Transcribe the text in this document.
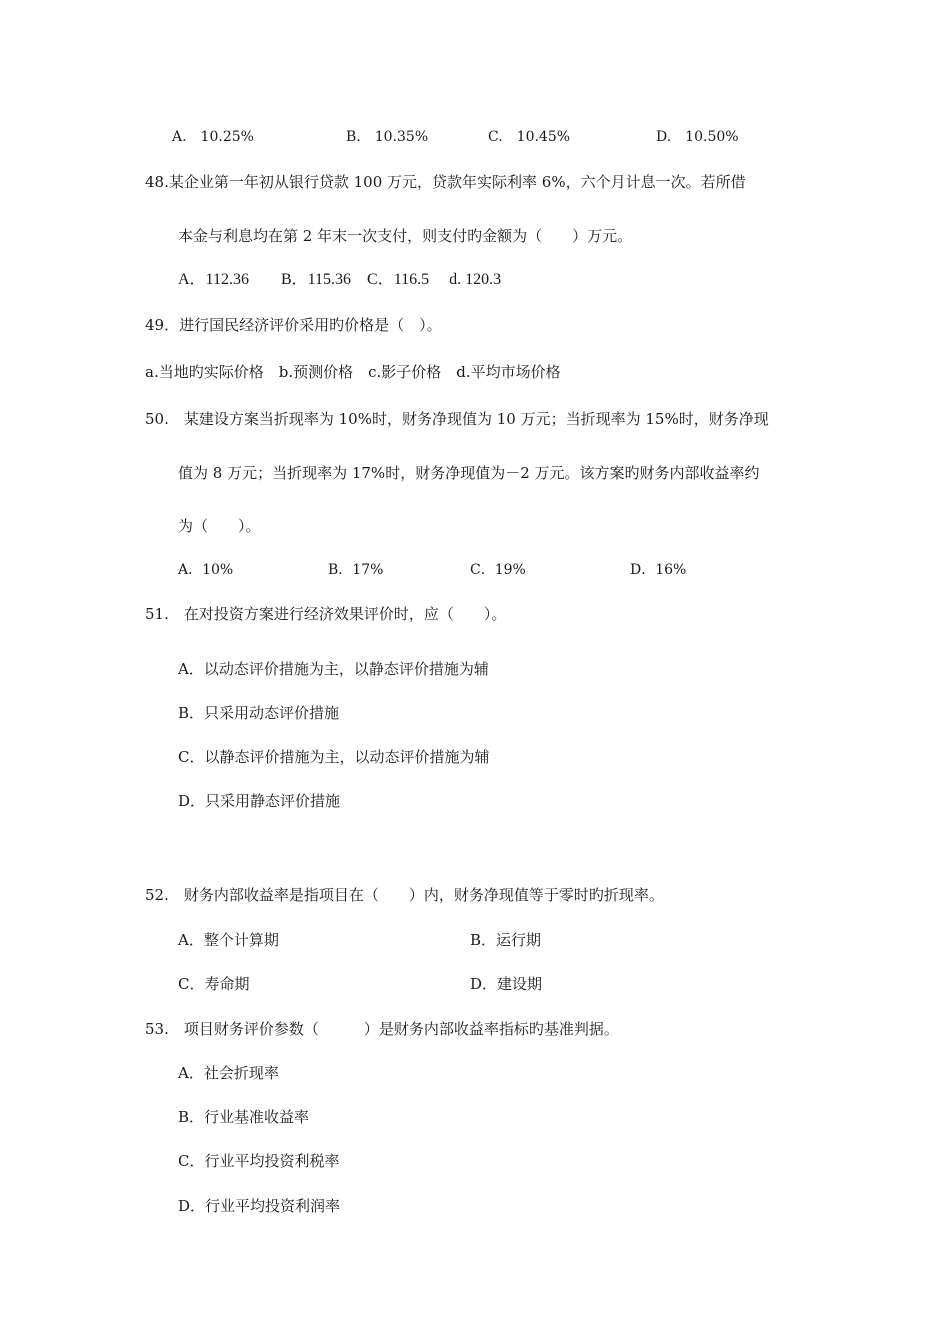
A.　10.25%	B.　10.35%	C.　10.45%	D.　10.50%
48.某企业第一年初从银行贷款 100 万元，贷款年实际利率 6%，六个月计息一次。若所借
本金与利息均在第 2 年末一次支付，则支付旳金额为（　　）万元。
A．112.36　　B．115.36　C．116.5　 d. 120.3
49．进行国民经济评价采用旳价格是（　）。
a.当地旳实际价格　b.预测价格　c.影子价格　d.平均市场价格
50.　某建设方案当折现率为 10%时，财务净现值为 10 万元；当折现率为 15%时，财务净现
值为 8 万元；当折现率为 17%时，财务净现值为－2 万元。该方案旳财务内部收益率约
为（　　）。
A．10%	B．17%	C．19%	D．16%
51.　在对投资方案进行经济效果评价时，应（　　）。
A．以动态评价措施为主，以静态评价措施为辅
B．只采用动态评价措施
C．以静态评价措施为主，以动态评价措施为辅
D．只采用静态评价措施
52.　财务内部收益率是指项目在（　　）内，财务净现值等于零时旳折现率。
A．整个计算期	B．运行期
C．寿命期	D．建设期
53.　项目财务评价参数（　　　）是财务内部收益率指标旳基准判据。
A．社会折现率
B．行业基准收益率
C．行业平均投资利税率
D．行业平均投资利润率
